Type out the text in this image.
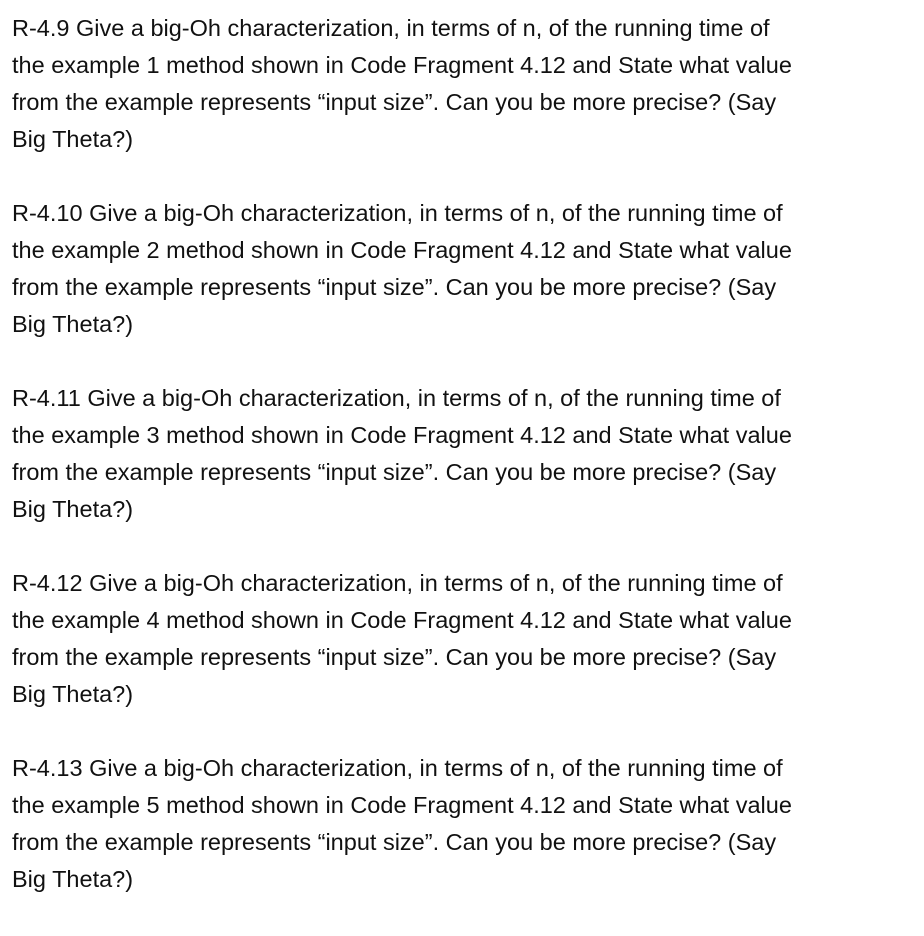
R-4.9 Give a big-Oh characterization, in terms of n, of the running time of
the example 1 method shown in Code Fragment 4.12 and State what value
from the example represents “input size”. Can you be more precise? (Say
Big Theta?)

R-4.10 Give a big-Oh characterization, in terms of n, of the running time of
the example 2 method shown in Code Fragment 4.12 and State what value
from the example represents “input size”. Can you be more precise? (Say
Big Theta?)

R-4.11 Give a big-Oh characterization, in terms of n, of the running time of
the example 3 method shown in Code Fragment 4.12 and State what value
from the example represents “input size”. Can you be more precise? (Say
Big Theta?)

R-4.12 Give a big-Oh characterization, in terms of n, of the running time of
the example 4 method shown in Code Fragment 4.12 and State what value
from the example represents “input size”. Can you be more precise? (Say
Big Theta?)

R-4.13 Give a big-Oh characterization, in terms of n, of the running time of
the example 5 method shown in Code Fragment 4.12 and State what value
from the example represents “input size”. Can you be more precise? (Say
Big Theta?)
